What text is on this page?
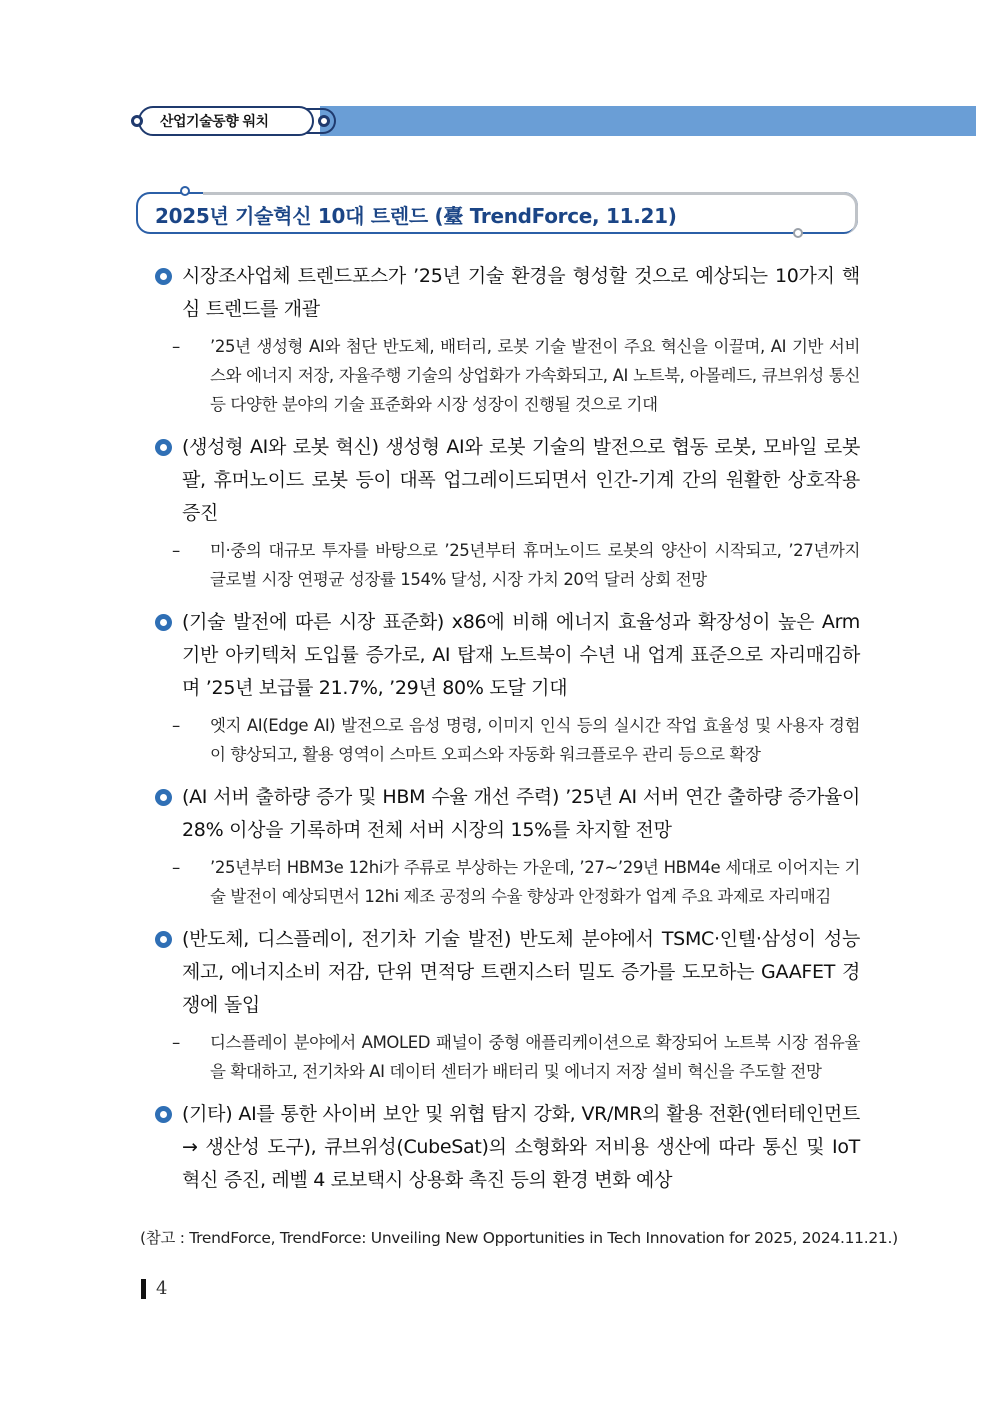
산업기술동향 워치
2025년 기술혁신 10대 트렌드 (臺 TrendForce, 11.21)
시장조사업체 트렌드포스가 ’25년 기술 환경을 형성할 것으로 예상되는 10가지 핵심 트렌드를 개괄
– ’25년 생성형 AI와 첨단 반도체, 배터리, 로봇 기술 발전이 주요 혁신을 이끌며, AI 기반 서비스와 에너지 저장, 자율주행 기술의 상업화가 가속화되고, AI 노트북, 아몰레드, 큐브위성 통신 등 다양한 분야의 기술 표준화와 시장 성장이 진행될 것으로 기대
(생성형 AI와 로봇 혁신) 생성형 AI와 로봇 기술의 발전으로 협동 로봇, 모바일 로봇팔, 휴머노이드 로봇 등이 대폭 업그레이드되면서 인간-기계 간의 원활한 상호작용 증진
– 미·중의 대규모 투자를 바탕으로 ’25년부터 휴머노이드 로봇의 양산이 시작되고, ’27년까지 글로벌 시장 연평균 성장률 154% 달성, 시장 가치 20억 달러 상회 전망
(기술 발전에 따른 시장 표준화) x86에 비해 에너지 효율성과 확장성이 높은 Arm 기반 아키텍처 도입률 증가로, AI 탑재 노트북이 수년 내 업계 표준으로 자리매김하며 ’25년 보급률 21.7%, ’29년 80% 도달 기대
– 엣지 AI(Edge AI) 발전으로 음성 명령, 이미지 인식 등의 실시간 작업 효율성 및 사용자 경험이 향상되고, 활용 영역이 스마트 오피스와 자동화 워크플로우 관리 등으로 확장
(AI 서버 출하량 증가 및 HBM 수율 개선 주력) ’25년 AI 서버 연간 출하량 증가율이 28% 이상을 기록하며 전체 서버 시장의 15%를 차지할 전망
– ’25년부터 HBM3e 12hi가 주류로 부상하는 가운데, ’27~’29년 HBM4e 세대로 이어지는 기술 발전이 예상되면서 12hi 제조 공정의 수율 향상과 안정화가 업계 주요 과제로 자리매김
(반도체, 디스플레이, 전기차 기술 발전) 반도체 분야에서 TSMC·인텔·삼성이 성능 제고, 에너지소비 저감, 단위 면적당 트랜지스터 밀도 증가를 도모하는 GAAFET 경쟁에 돌입
– 디스플레이 분야에서 AMOLED 패널이 중형 애플리케이션으로 확장되어 노트북 시장 점유율을 확대하고, 전기차와 AI 데이터 센터가 배터리 및 에너지 저장 설비 혁신을 주도할 전망
(기타) AI를 통한 사이버 보안 및 위협 탐지 강화, VR/MR의 활용 전환(엔터테인먼트 → 생산성 도구), 큐브위성(CubeSat)의 소형화와 저비용 생산에 따라 통신 및 IoT 혁신 증진, 레벨 4 로보택시 상용화 촉진 등의 환경 변화 예상
(참고 : TrendForce, TrendForce: Unveiling New Opportunities in Tech Innovation for 2025, 2024.11.21.)
4
